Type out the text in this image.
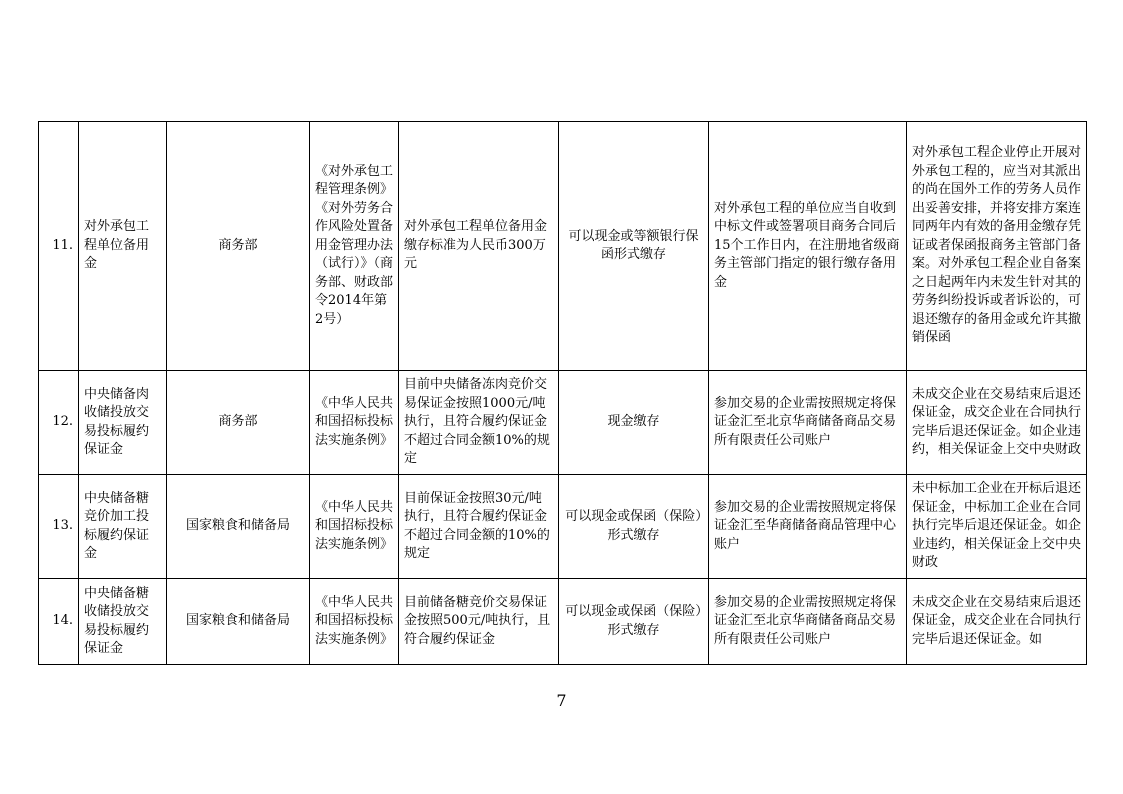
11.	对外承包工程单位备用金	商务部	《对外承包工程管理条例》《对外劳务合作风险处置备用金管理办法（试行）》（商务部、财政部令2014年第2号）	对外承包工程单位备用金缴存标准为人民币300万元	可以现金或等额银行保函形式缴存	对外承包工程的单位应当自收到中标文件或签署项目商务合同后15个工作日内，在注册地省级商务主管部门指定的银行缴存备用金	对外承包工程企业停止开展对外承包工程的，应当对其派出的尚在国外工作的劳务人员作出妥善安排，并将安排方案连同两年内有效的备用金缴存凭证或者保函报商务主管部门备案。对外承包工程企业自备案之日起两年内未发生针对其的劳务纠纷投诉或者诉讼的，可退还缴存的备用金或允许其撤销保函
12.	中央储备肉收储投放交易投标履约保证金	商务部	《中华人民共和国招标投标法实施条例》	目前中央储备冻肉竞价交易保证金按照1000元/吨执行，且符合履约保证金不超过合同金额10%的规定	现金缴存	参加交易的企业需按照规定将保证金汇至北京华商储备商品交易所有限责任公司账户	未成交企业在交易结束后退还保证金，成交企业在合同执行完毕后退还保证金。如企业违约，相关保证金上交中央财政
13.	中央储备糖竞价加工投标履约保证金	国家粮食和储备局	《中华人民共和国招标投标法实施条例》	目前保证金按照30元/吨执行，且符合履约保证金不超过合同金额的10%的规定	可以现金或保函（保险）形式缴存	参加交易的企业需按照规定将保证金汇至华商储备商品管理中心账户	未中标加工企业在开标后退还保证金，中标加工企业在合同执行完毕后退还保证金。如企业违约，相关保证金上交中央财政
14.	中央储备糖收储投放交易投标履约保证金	国家粮食和储备局	《中华人民共和国招标投标法实施条例》	目前储备糖竞价交易保证金按照500元/吨执行，且符合履约保证金	可以现金或保函（保险）形式缴存	参加交易的企业需按照规定将保证金汇至北京华商储备商品交易所有限责任公司账户	未成交企业在交易结束后退还保证金，成交企业在合同执行完毕后退还保证金。如
7
